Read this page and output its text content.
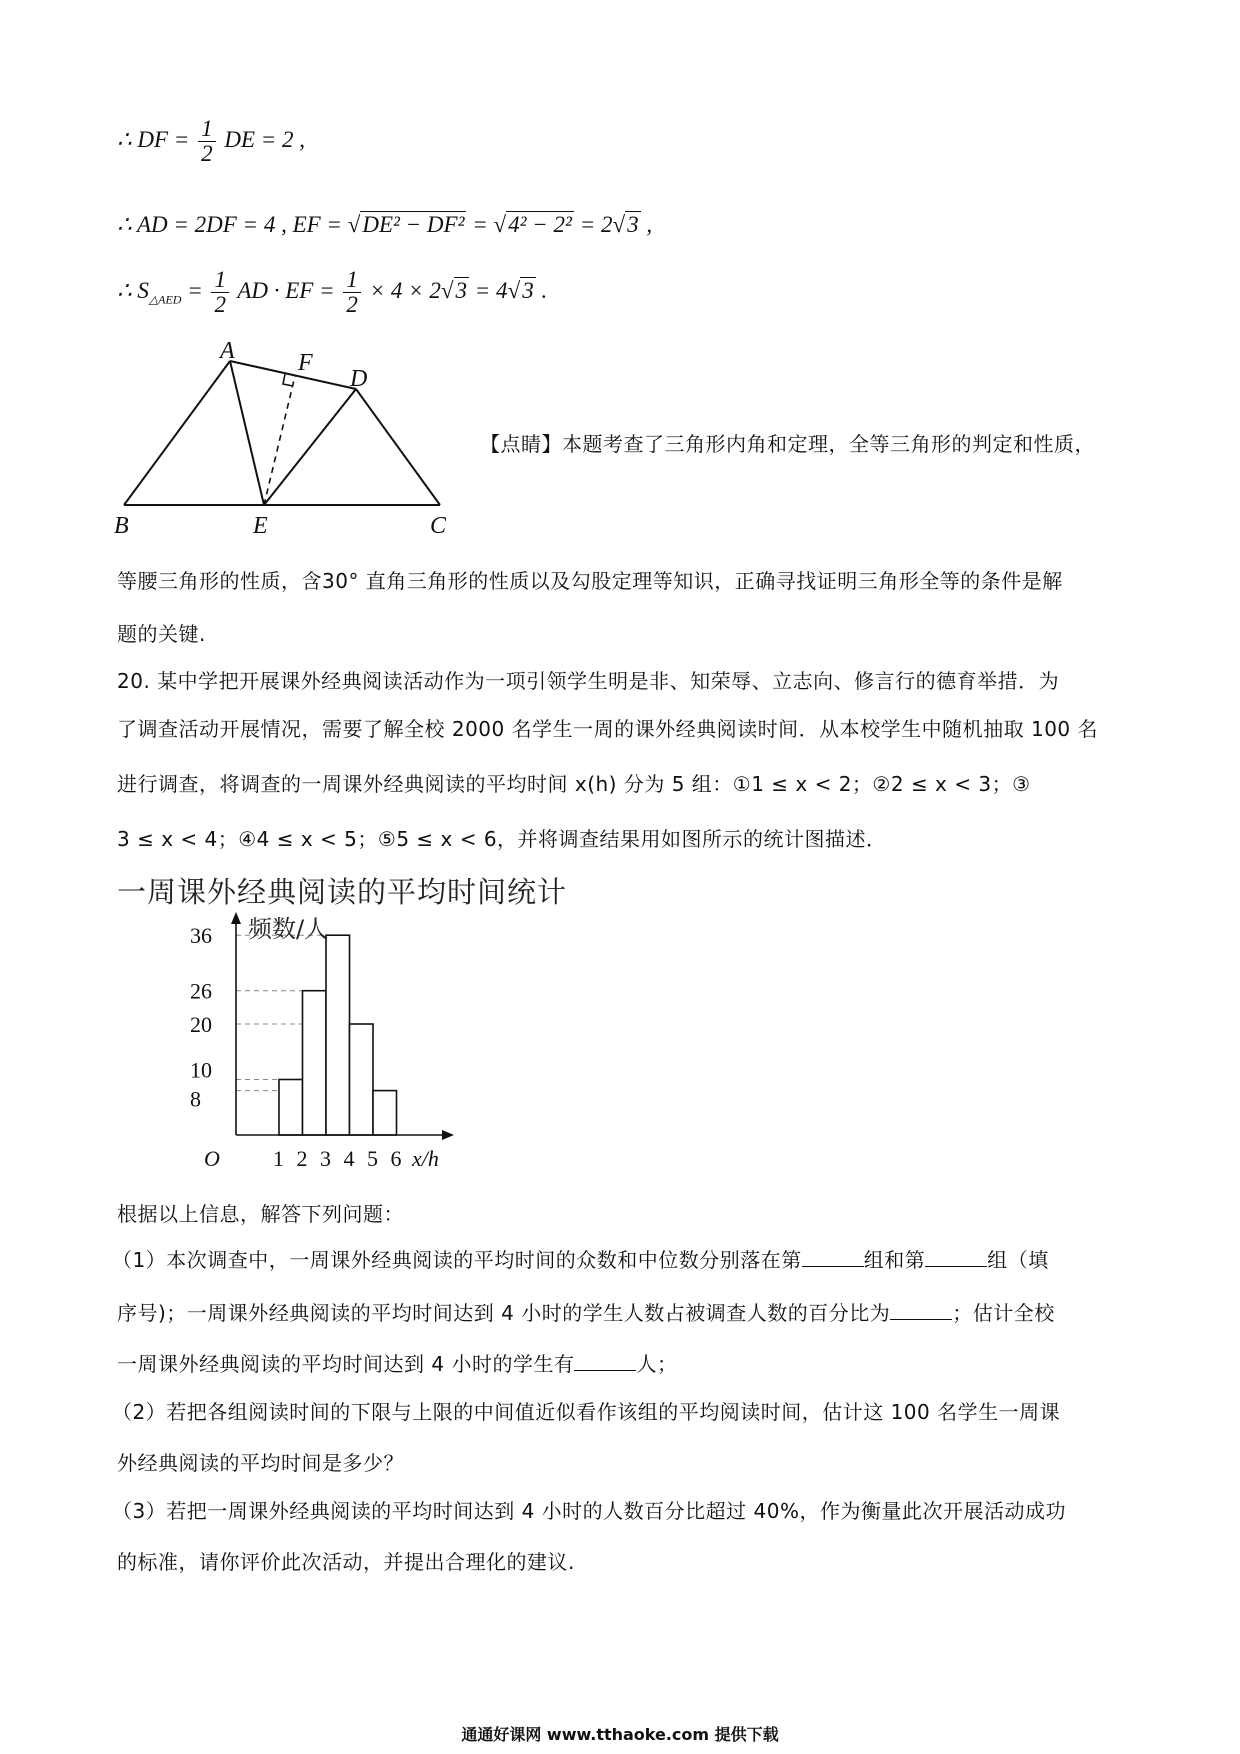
∴ DF = $\frac{1}{2}$ DE = 2 ,
∴ AD = 2DF = 4 , EF = √DE² − DF² = √4² − 2² = 2√3 ,
∴ $S_{\triangle AED} = \frac{1}{2}$ AD · EF = $\frac{1}{2} \times 4 \times 2√3 = 4√3$ .
A	F
D
B	E	C
【点睛】本题考查了三角形内角和定理，全等三角形的判定和性质，
等腰三角形的性质，含30° 直角三角形的性质以及勾股定理等知识，正确寻找证明三角形全等的条件是解
题的关键.
20. 某中学把开展课外经典阅读活动作为一项引领学生明是非、知荣辱、立志向、修言行的德育举措．为
了调查活动开展情况，需要了解全校 2000 名学生一周的课外经典阅读时间．从本校学生中随机抽取 100 名
进行调查，将调查的一周课外经典阅读的平均时间 x(h) 分为 5 组：①1 ≤ x < 2；②2 ≤ x < 3；③
3 ≤ x < 4；④4 ≤ x < 5；⑤5 ≤ x < 6，并将调查结果用如图所示的统计图描述．
一周课外经典阅读的平均时间统计
频数/人
O	x/h
1 2 3 4 5 6
36
26
20
10
8
根据以上信息，解答下列问题：
（1）本次调查中，一周课外经典阅读的平均时间的众数和中位数分别落在第	组和第	组（填
序号)；一周课外经典阅读的平均时间达到 4 小时的学生人数占被调查人数的百分比为	；估计全校
一周课外经典阅读的平均时间达到 4 小时的学生有	人；
（2）若把各组阅读时间的下限与上限的中间值近似看作该组的平均阅读时间，估计这 100 名学生一周课
外经典阅读的平均时间是多少？
（3）若把一周课外经典阅读的平均时间达到 4 小时的人数百分比超过 40%，作为衡量此次开展活动成功
的标准，请你评价此次活动，并提出合理化的建议.
通通好课网 www.tthaoke.com 提供下载
